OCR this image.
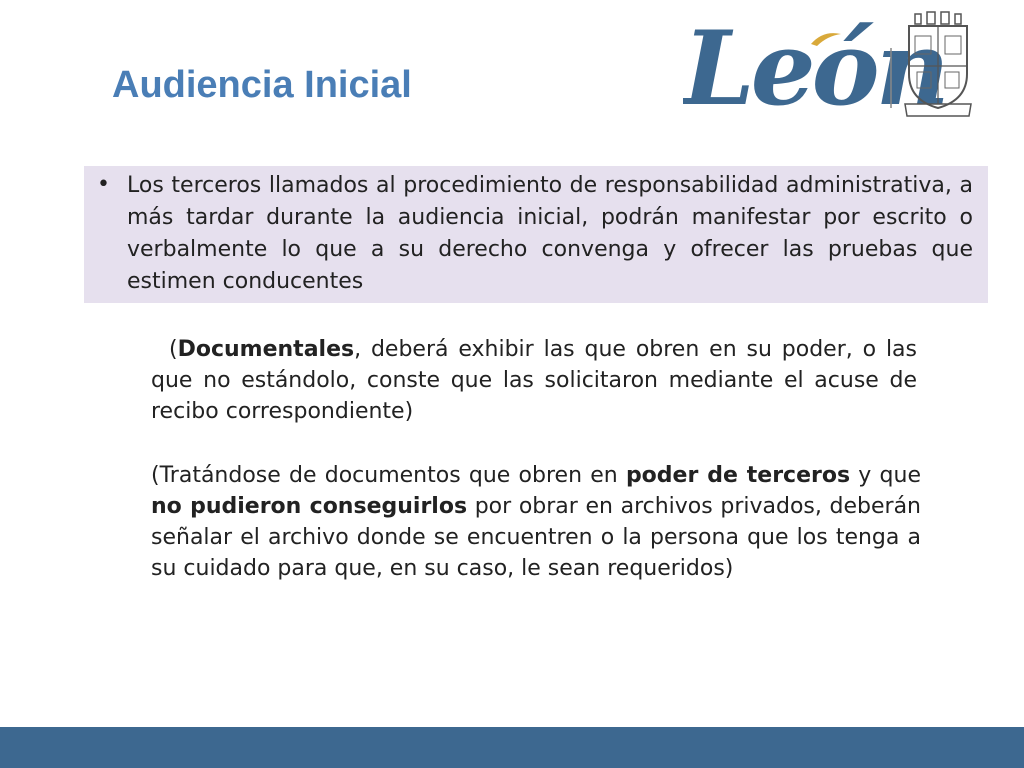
Audiencia Inicial	León
• Los terceros llamados al procedimiento de responsabilidad administrativa, a más tardar durante la audiencia inicial, podrán manifestar por escrito o verbalmente lo que a su derecho convenga y ofrecer las pruebas que estimen conducentes

(Documentales, deberá exhibir las que obren en su poder, o las que no estándolo, conste que las solicitaron mediante el acuse de recibo correspondiente)

(Tratándose de documentos que obren en poder de terceros y que no pudieron conseguirlos por obrar en archivos privados, deberán señalar el archivo donde se encuentren o la persona que los tenga a su cuidado para que, en su caso, le sean requeridos)
